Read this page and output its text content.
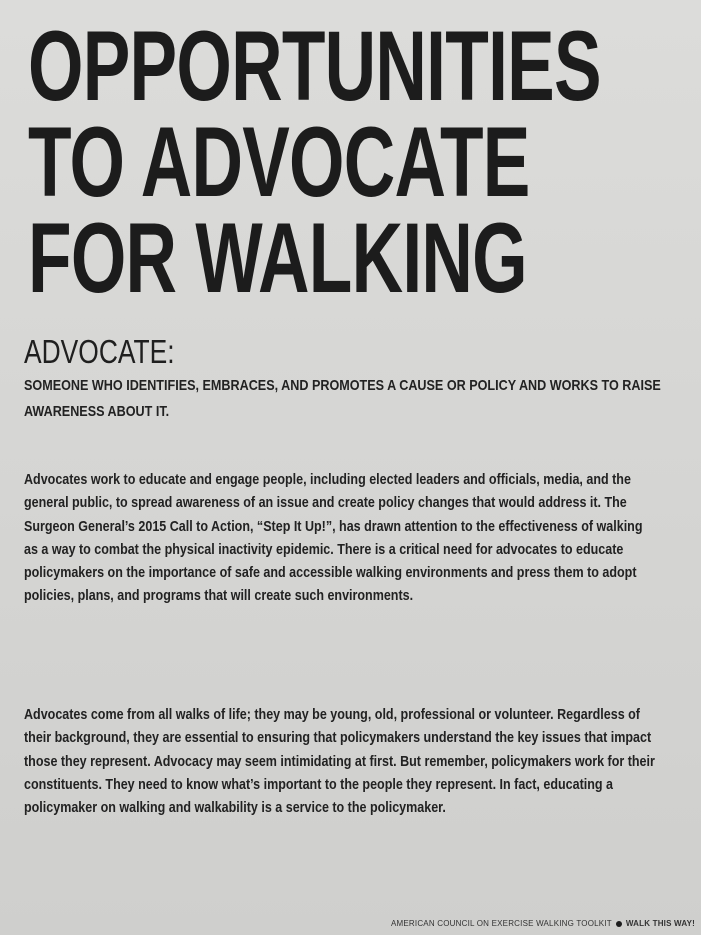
OPPORTUNITIES
TO ADVOCATE
FOR WALKING
ADVOCATE:
SOMEONE WHO IDENTIFIES, EMBRACES, AND PROMOTES A CAUSE OR POLICY AND WORKS TO RAISE AWARENESS ABOUT IT.

Advocates work to educate and engage people, including elected leaders and officials, media, and the general public, to spread awareness of an issue and create policy changes that would address it. The Surgeon General’s 2015 Call to Action, “Step It Up!”, has drawn attention to the effectiveness of walking as a way to combat the physical inactivity epidemic. There is a critical need for advocates to educate policymakers on the importance of safe and accessible walking environments and press them to adopt policies, plans, and programs that will create such environments.

Advocates come from all walks of life; they may be young, old, professional or volunteer. Regardless of their background, they are essential to ensuring that policymakers understand the key issues that impact those they represent. Advocacy may seem intimidating at first. But remember, policymakers work for their constituents. They need to know what’s important to the people they represent. In fact, educating a policymaker on walking and walkability is a service to the policymaker.

AMERICAN COUNCIL ON EXERCISE WALKING TOOLKIT WALK THIS WAY!
